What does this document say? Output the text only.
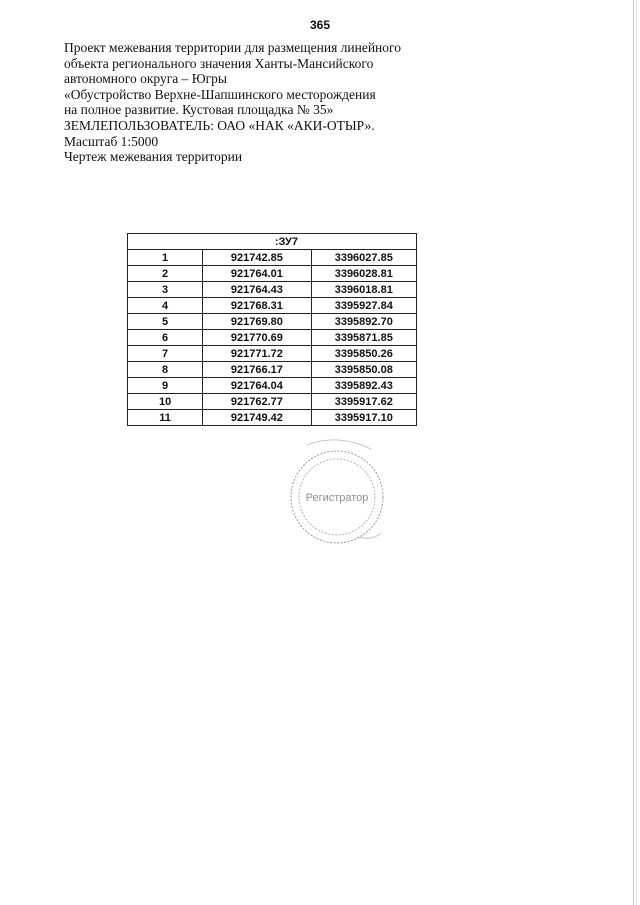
365
Проект межевания территории для размещения линейного
объекта регионального значения Ханты-Мансийского
автономного округа – Югры
«Обустройство Верхне-Шапшинского месторождения
на полное развитие. Кустовая площадка № 35»
ЗЕМЛЕПОЛЬЗОВАТЕЛЬ: ОАО «НАК «АКИ-ОТЫР».
Масштаб 1:5000
Чертеж межевания территории
:ЗУ7		
1	921742.85	3396027.85
2	921764.01	3396028.81
3	921764.43	3396018.81
4	921768.31	3395927.84
5	921769.80	3395892.70
6	921770.69	3395871.85
7	921771.72	3395850.26
8	921766.17	3395850.08
9	921764.04	3395892.43
10	921762.77	3395917.62
11	921749.42	3395917.10
Регистратор
